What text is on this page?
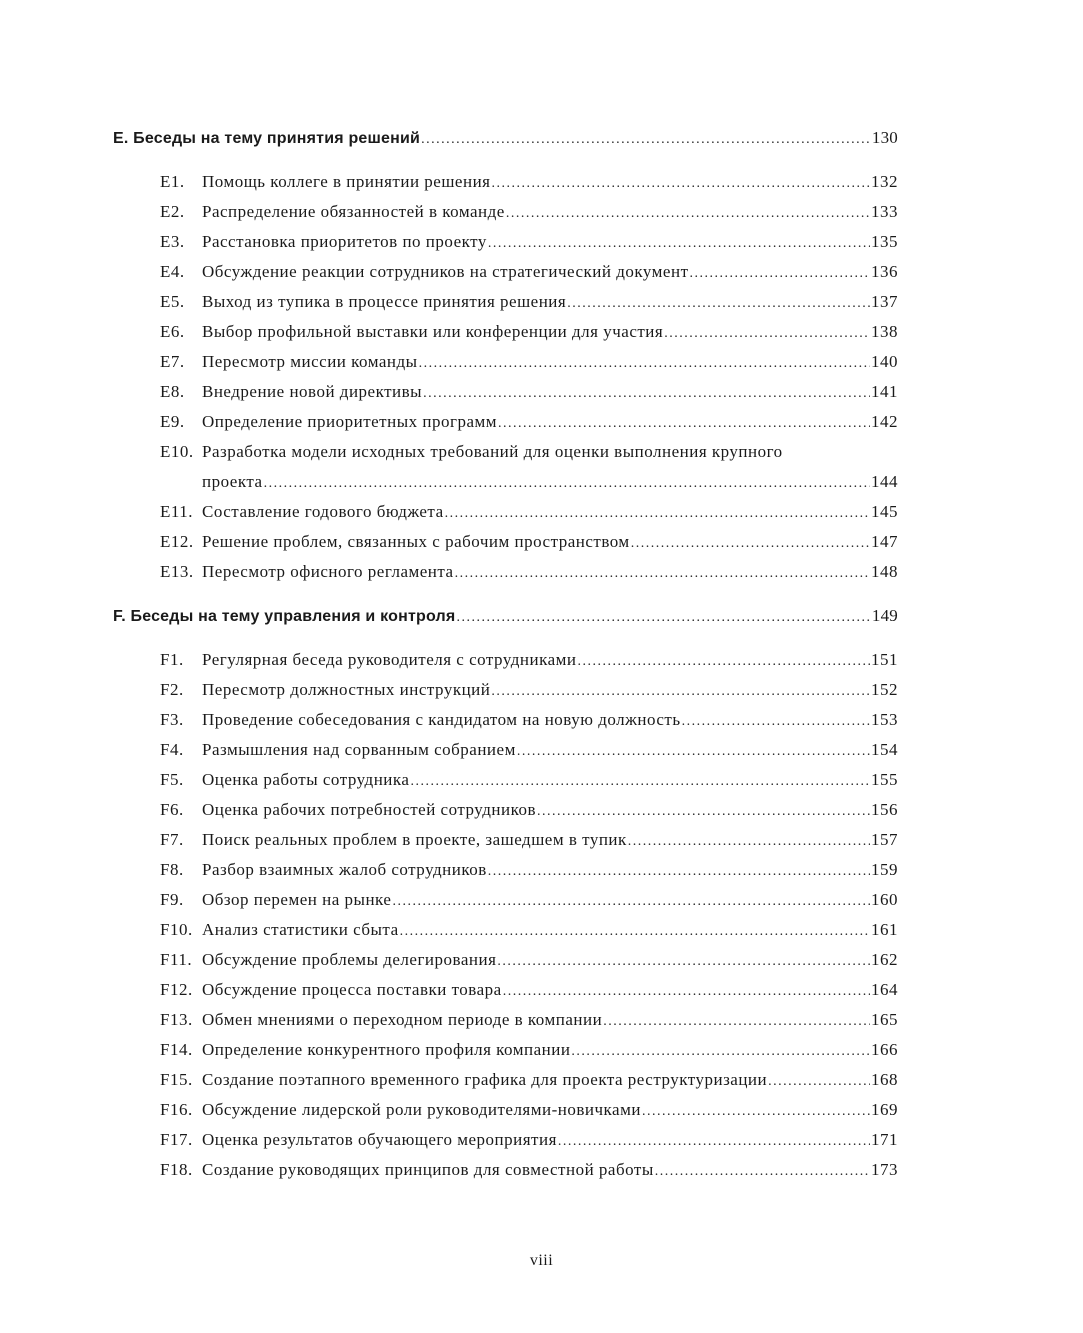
E. Беседы на тему принятия решений .....	130
E1.	Помощь коллеге в принятии решения .....	132
E2.	Распределение обязанностей в команде .....	133
E3.	Расстановка приоритетов по проекту .....	135
E4.	Обсуждение реакции сотрудников на стратегический документ .....	136
E5.	Выход из тупика в процессе принятия решения .....	137
E6.	Выбор профильной выставки или конференции для участия .....	138
E7.	Пересмотр миссии команды .....	140
E8.	Внедрение новой директивы .....	141
E9.	Определение приоритетных программ .....	142
E10. Разработка модели исходных требований для оценки выполнения крупного
проекта .....	144
E11. Составление годового бюджета .....	145
E12. Решение проблем, связанных с рабочим пространством .....	147
E13. Пересмотр офисного регламента .....	148
F. Беседы на тему управления и контроля .....	149
F1.	Регулярная беседа руководителя с сотрудниками .....	151
F2.	Пересмотр должностных инструкций .....	152
F3.	Проведение собеседования с кандидатом на новую должность .....	153
F4.	Размышления над сорванным собранием .....	154
F5.	Оценка работы сотрудника .....	155
F6.	Оценка рабочих потребностей сотрудников .....	156
F7.	Поиск реальных проблем в проекте, зашедшем в тупик .....	157
F8.	Разбор взаимных жалоб сотрудников .....	159
F9.	Обзор перемен на рынке .....	160
F10. Анализ статистики сбыта .....	161
F11. Обсуждение проблемы делегирования .....	162
F12. Обсуждение процесса поставки товара .....	164
F13. Обмен мнениями о переходном периоде в компании .....	165
F14. Определение конкурентного профиля компании .....	166
F15. Создание поэтапного временного графика для проекта реструктуризации .....	168
F16. Обсуждение лидерской роли руководителями-новичками .....	169
F17. Оценка результатов обучающего мероприятия .....	171
F18. Создание руководящих принципов для совместной работы .....	173
viii
